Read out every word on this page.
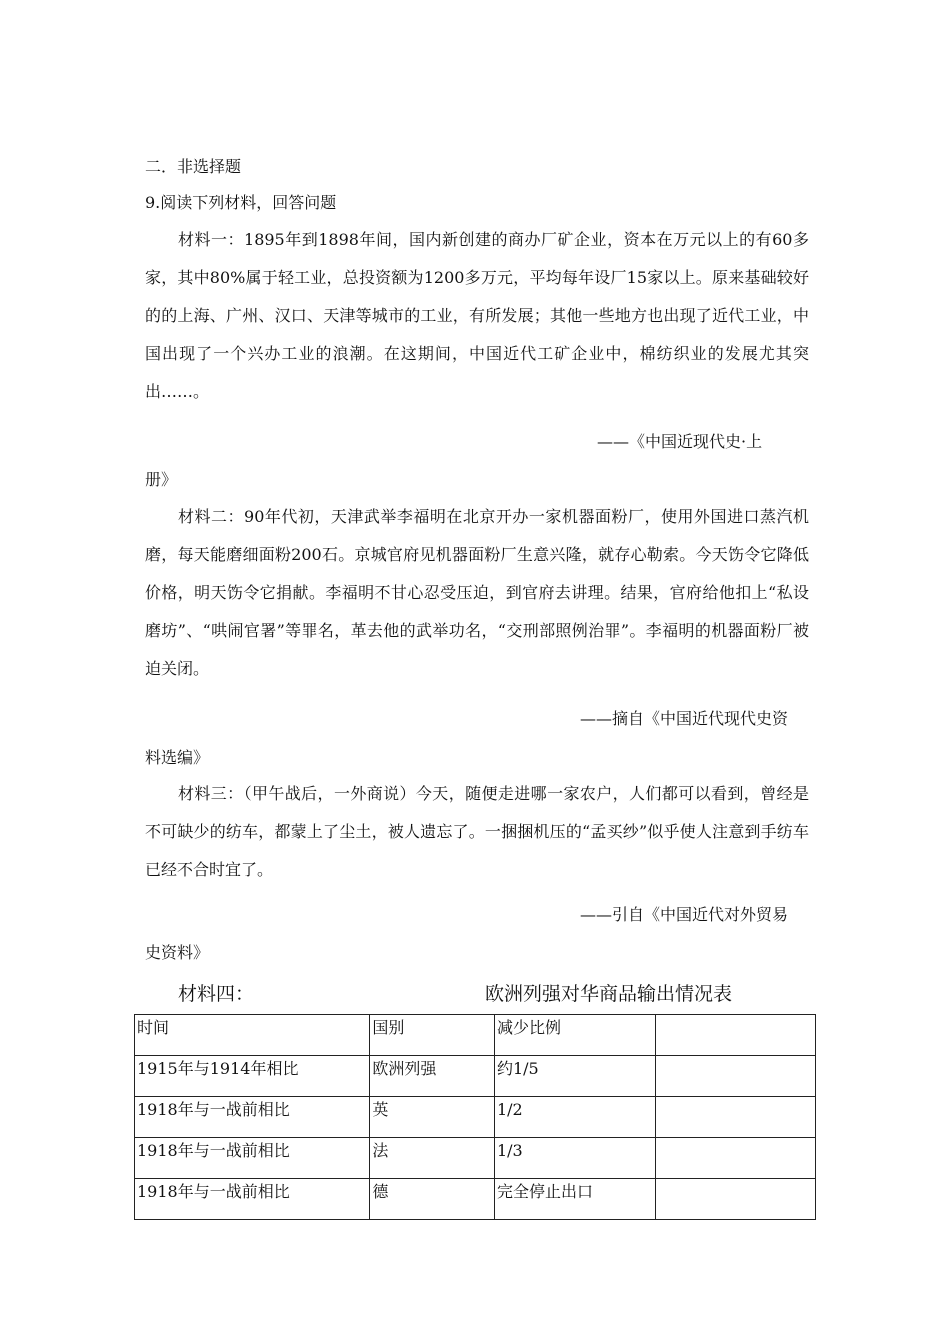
二．非选择题
9.阅读下列材料，回答问题

材料一：1895年到1898年间，国内新创建的商办厂矿企业，资本在万元以上的有60多家，其中80%属于轻工业，总投资额为1200多万元，平均每年设厂15家以上。原来基础较好的的上海、广州、汉口、天津等城市的工业，有所发展；其他一些地方也出现了近代工业，中国出现了一个兴办工业的浪潮。在这期间，中国近代工矿企业中，棉纺织业的发展尤其突出……。

——《中国近现代史·上
册》

材料二：90年代初，天津武举李福明在北京开办一家机器面粉厂，使用外国进口蒸汽机磨，每天能磨细面粉200石。京城官府见机器面粉厂生意兴隆，就存心勒索。今天饬令它降低价格，明天饬令它捐献。李福明不甘心忍受压迫，到官府去讲理。结果，官府给他扣上“私设磨坊”、“哄闹官署”等罪名，革去他的武举功名，“交刑部照例治罪”。李福明的机器面粉厂被迫关闭。

——摘自《中国近代现代史资
料选编》

材料三：（甲午战后，一外商说）今天，随便走进哪一家农户，人们都可以看到，曾经是不可缺少的纺车，都蒙上了尘土，被人遗忘了。一捆捆机压的“孟买纱”似乎使人注意到手纺车已经不合时宜了。

——引自《中国近代对外贸易
史资料》
材料四：	欧洲列强对华商品输出情况表
时间	国别	减少比例	
1915年与1914年相比	欧洲列强	约1/5	
1918年与一战前相比	英	1/2	
1918年与一战前相比	法	1/3	
1918年与一战前相比	德	完全停止出口	
